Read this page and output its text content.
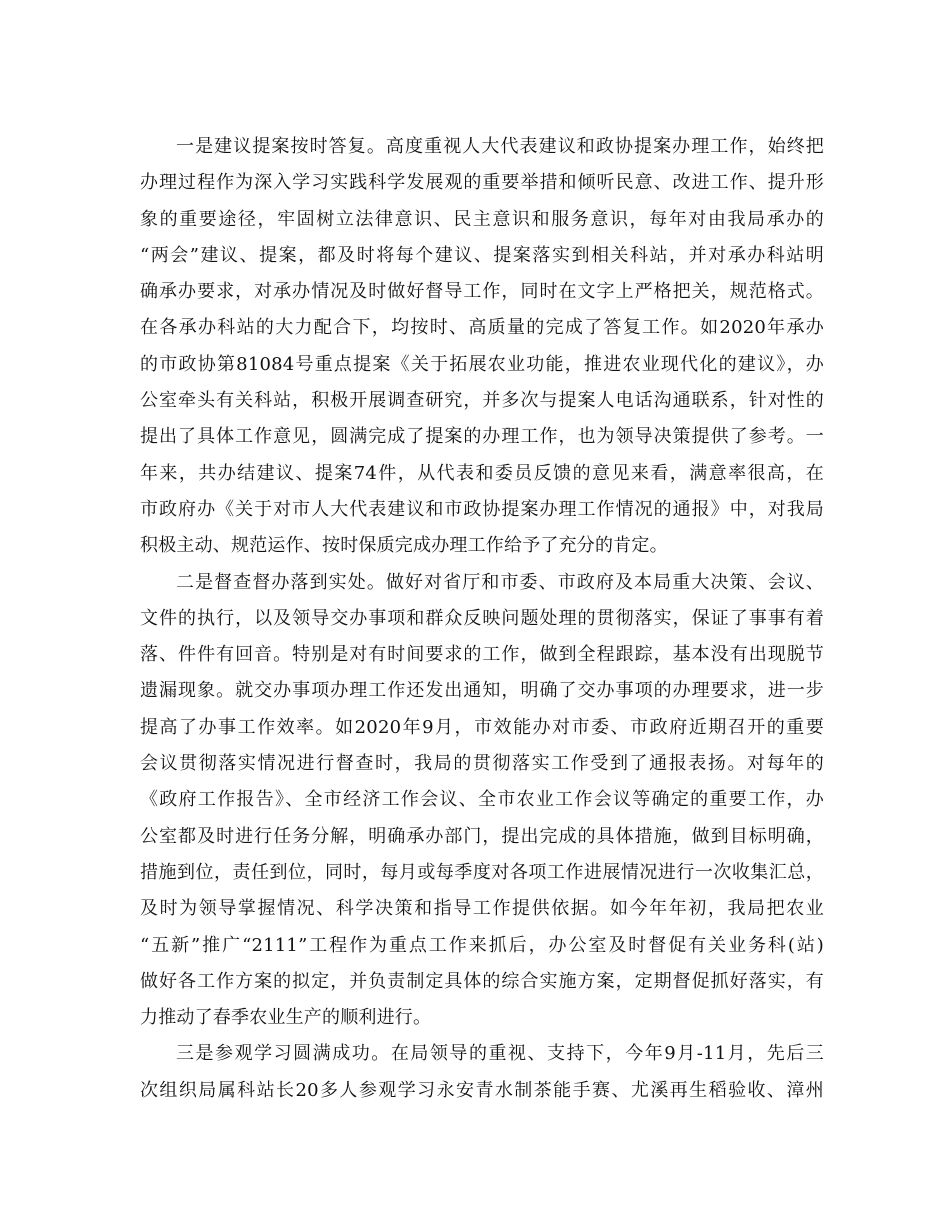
一是建议提案按时答复。高度重视人大代表建议和政协提案办理工作，始终把
办理过程作为深入学习实践科学发展观的重要举措和倾听民意、改进工作、提升形
象的重要途径，牢固树立法律意识、民主意识和服务意识，每年对由我局承办的
“两会”建议、提案，都及时将每个建议、提案落实到相关科站，并对承办科站明
确承办要求，对承办情况及时做好督导工作，同时在文字上严格把关，规范格式。
在各承办科站的大力配合下，均按时、高质量的完成了答复工作。如2020年承办
的市政协第81084号重点提案《关于拓展农业功能，推进农业现代化的建议》，办
公室牵头有关科站，积极开展调查研究，并多次与提案人电话沟通联系，针对性的
提出了具体工作意见，圆满完成了提案的办理工作，也为领导决策提供了参考。一
年来，共办结建议、提案74件，从代表和委员反馈的意见来看，满意率很高，在
市政府办《关于对市人大代表建议和市政协提案办理工作情况的通报》中，对我局
积极主动、规范运作、按时保质完成办理工作给予了充分的肯定。
二是督查督办落到实处。做好对省厅和市委、市政府及本局重大决策、会议、
文件的执行，以及领导交办事项和群众反映问题处理的贯彻落实，保证了事事有着
落、件件有回音。特别是对有时间要求的工作，做到全程跟踪，基本没有出现脱节
遗漏现象。就交办事项办理工作还发出通知，明确了交办事项的办理要求，进一步
提高了办事工作效率。如2020年9月，市效能办对市委、市政府近期召开的重要
会议贯彻落实情况进行督查时，我局的贯彻落实工作受到了通报表扬。对每年的
《政府工作报告》、全市经济工作会议、全市农业工作会议等确定的重要工作，办
公室都及时进行任务分解，明确承办部门，提出完成的具体措施，做到目标明确，
措施到位，责任到位，同时，每月或每季度对各项工作进展情况进行一次收集汇总，
及时为领导掌握情况、科学决策和指导工作提供依据。如今年年初，我局把农业
“五新”推广“2111”工程作为重点工作来抓后，办公室及时督促有关业务科(站)
做好各工作方案的拟定，并负责制定具体的综合实施方案，定期督促抓好落实，有
力推动了春季农业生产的顺利进行。
三是参观学习圆满成功。在局领导的重视、支持下，今年9月-11月，先后三
次组织局属科站长20多人参观学习永安青水制茶能手赛、尤溪再生稻验收、漳州
